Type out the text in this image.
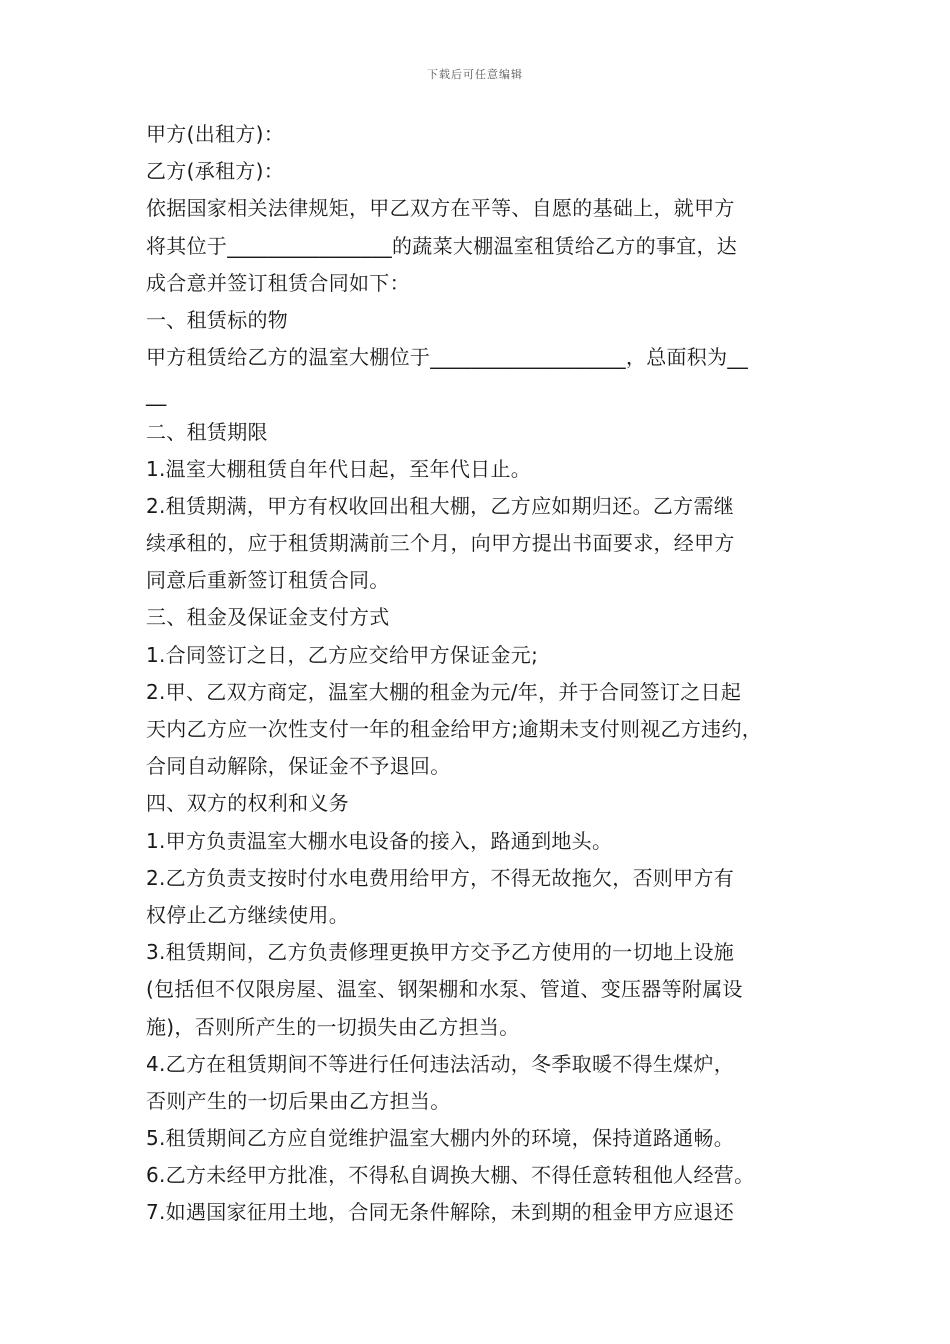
下载后可任意编辑
甲方(出租方)：
乙方(承租方)：
依据国家相关法律规矩，甲乙双方在平等、自愿的基础上，就甲方
将其位于________________的蔬菜大棚温室租赁给乙方的事宜，达
成合意并签订租赁合同如下：
一、租赁标的物
甲方租赁给乙方的温室大棚位于___________________，总面积为__
__
二、租赁期限
1.温室大棚租赁自年代日起，至年代日止。
2.租赁期满，甲方有权收回出租大棚，乙方应如期归还。乙方需继
续承租的，应于租赁期满前三个月，向甲方提出书面要求，经甲方
同意后重新签订租赁合同。
三、租金及保证金支付方式
1.合同签订之日，乙方应交给甲方保证金元;
2.甲、乙双方商定，温室大棚的租金为元/年，并于合同签订之日起
天内乙方应一次性支付一年的租金给甲方;逾期未支付则视乙方违约，
合同自动解除，保证金不予退回。
四、双方的权利和义务
1.甲方负责温室大棚水电设备的接入，路通到地头。
2.乙方负责支按时付水电费用给甲方，不得无故拖欠，否则甲方有
权停止乙方继续使用。
3.租赁期间，乙方负责修理更换甲方交予乙方使用的一切地上设施
(包括但不仅限房屋、温室、钢架棚和水泵、管道、变压器等附属设
施)，否则所产生的一切损失由乙方担当。
4.乙方在租赁期间不等进行任何违法活动，冬季取暖不得生煤炉，
否则产生的一切后果由乙方担当。
5.租赁期间乙方应自觉维护温室大棚内外的环境，保持道路通畅。
6.乙方未经甲方批准，不得私自调换大棚、不得任意转租他人经营。
7.如遇国家征用土地，合同无条件解除，未到期的租金甲方应退还
